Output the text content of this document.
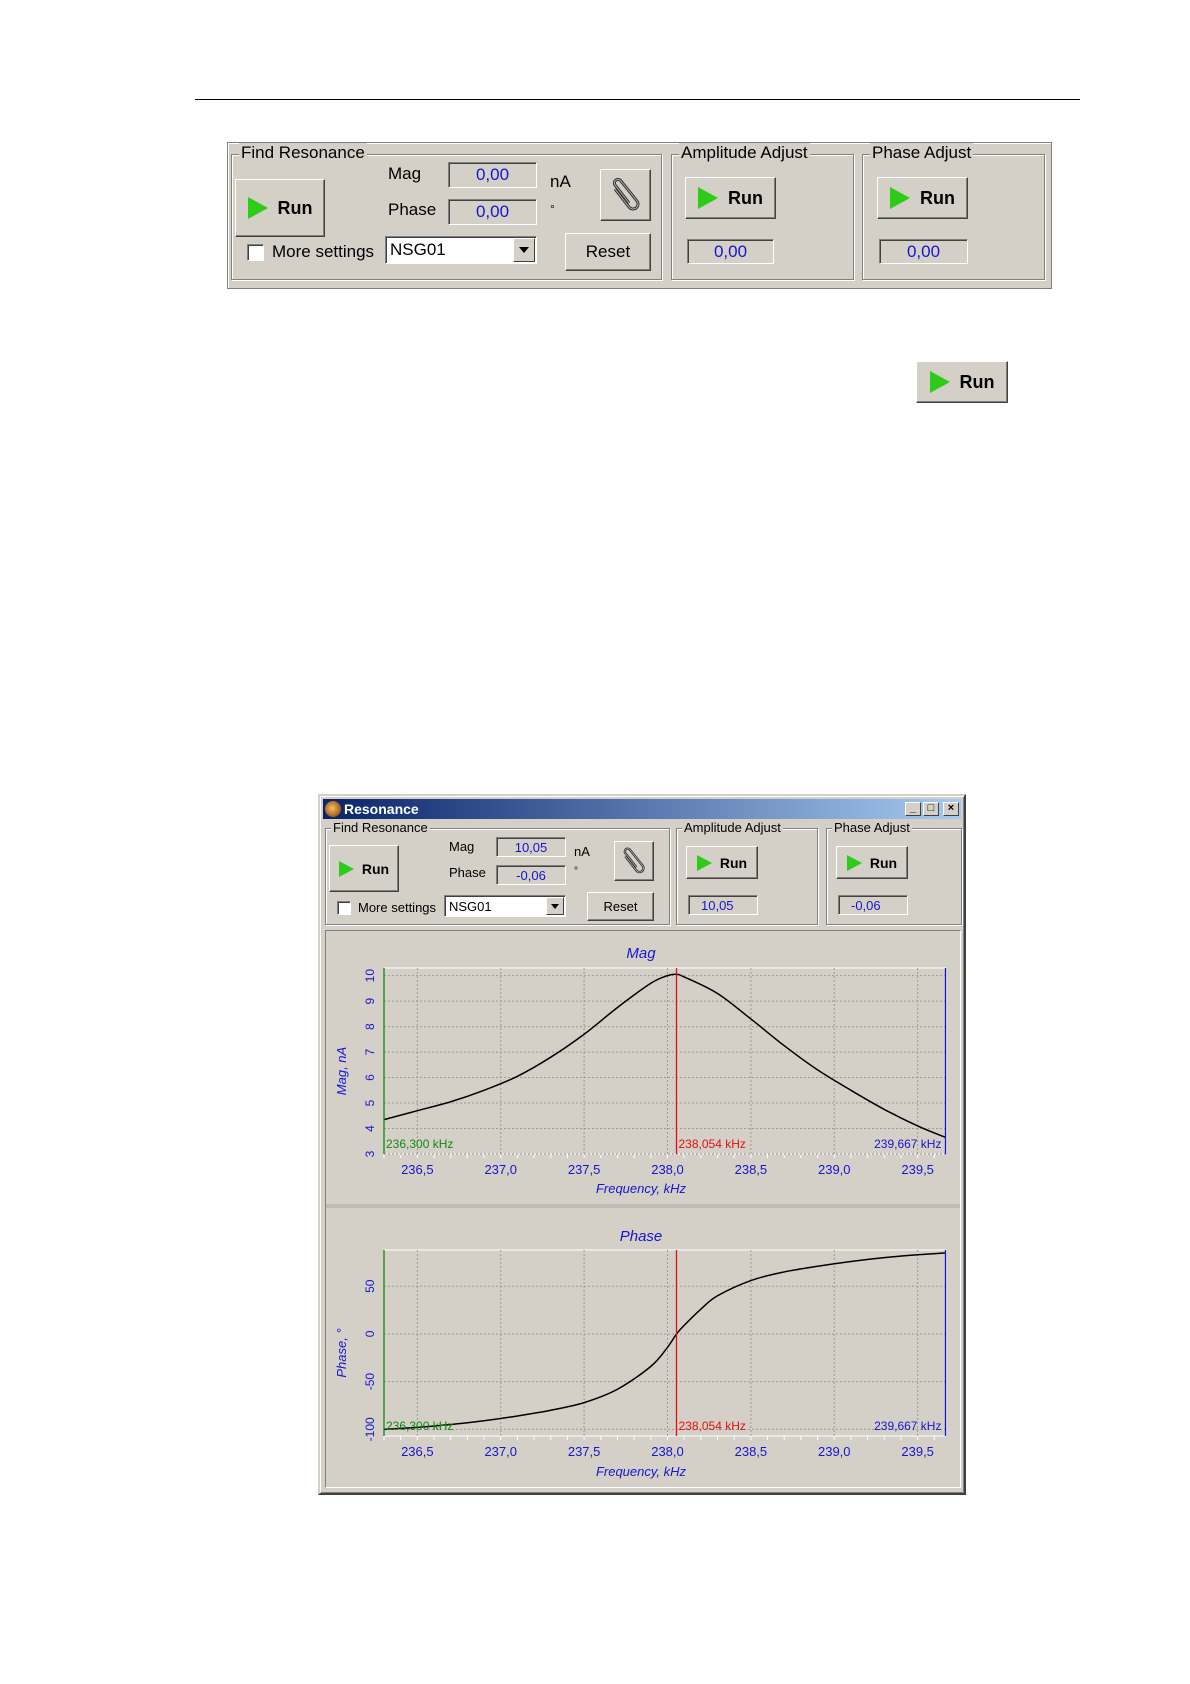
Find Resonance
Run
Mag	0,00	nA
Phase	0,00	°
More settings NSG01	Reset
Amplitude Adjust
Run
0,00
Phase Adjust
Run
0,00
Run
Resonance	_	□	×
Find Resonance
Run
Mag	10,05	nA
Phase	-0,06	°
More settings NSG01	Reset
Amplitude Adjust
Run
10,05
Phase Adjust
Run
-0,06
236,5	237,0	237,5	238,0	238,5	239,0	239,5
3
4
5
6
7
8
9
10
Mag
Frequency, kHz
Mag, nA
236,300 kHz	238,054 kHz	239,667 kHz
236,5	237,0	237,5	238,0	238,5	239,0	239,5
-100
-50
0
50
Phase
Frequency, kHz
Phase, °
236,300 kHz	238,054 kHz	239,667 kHz
